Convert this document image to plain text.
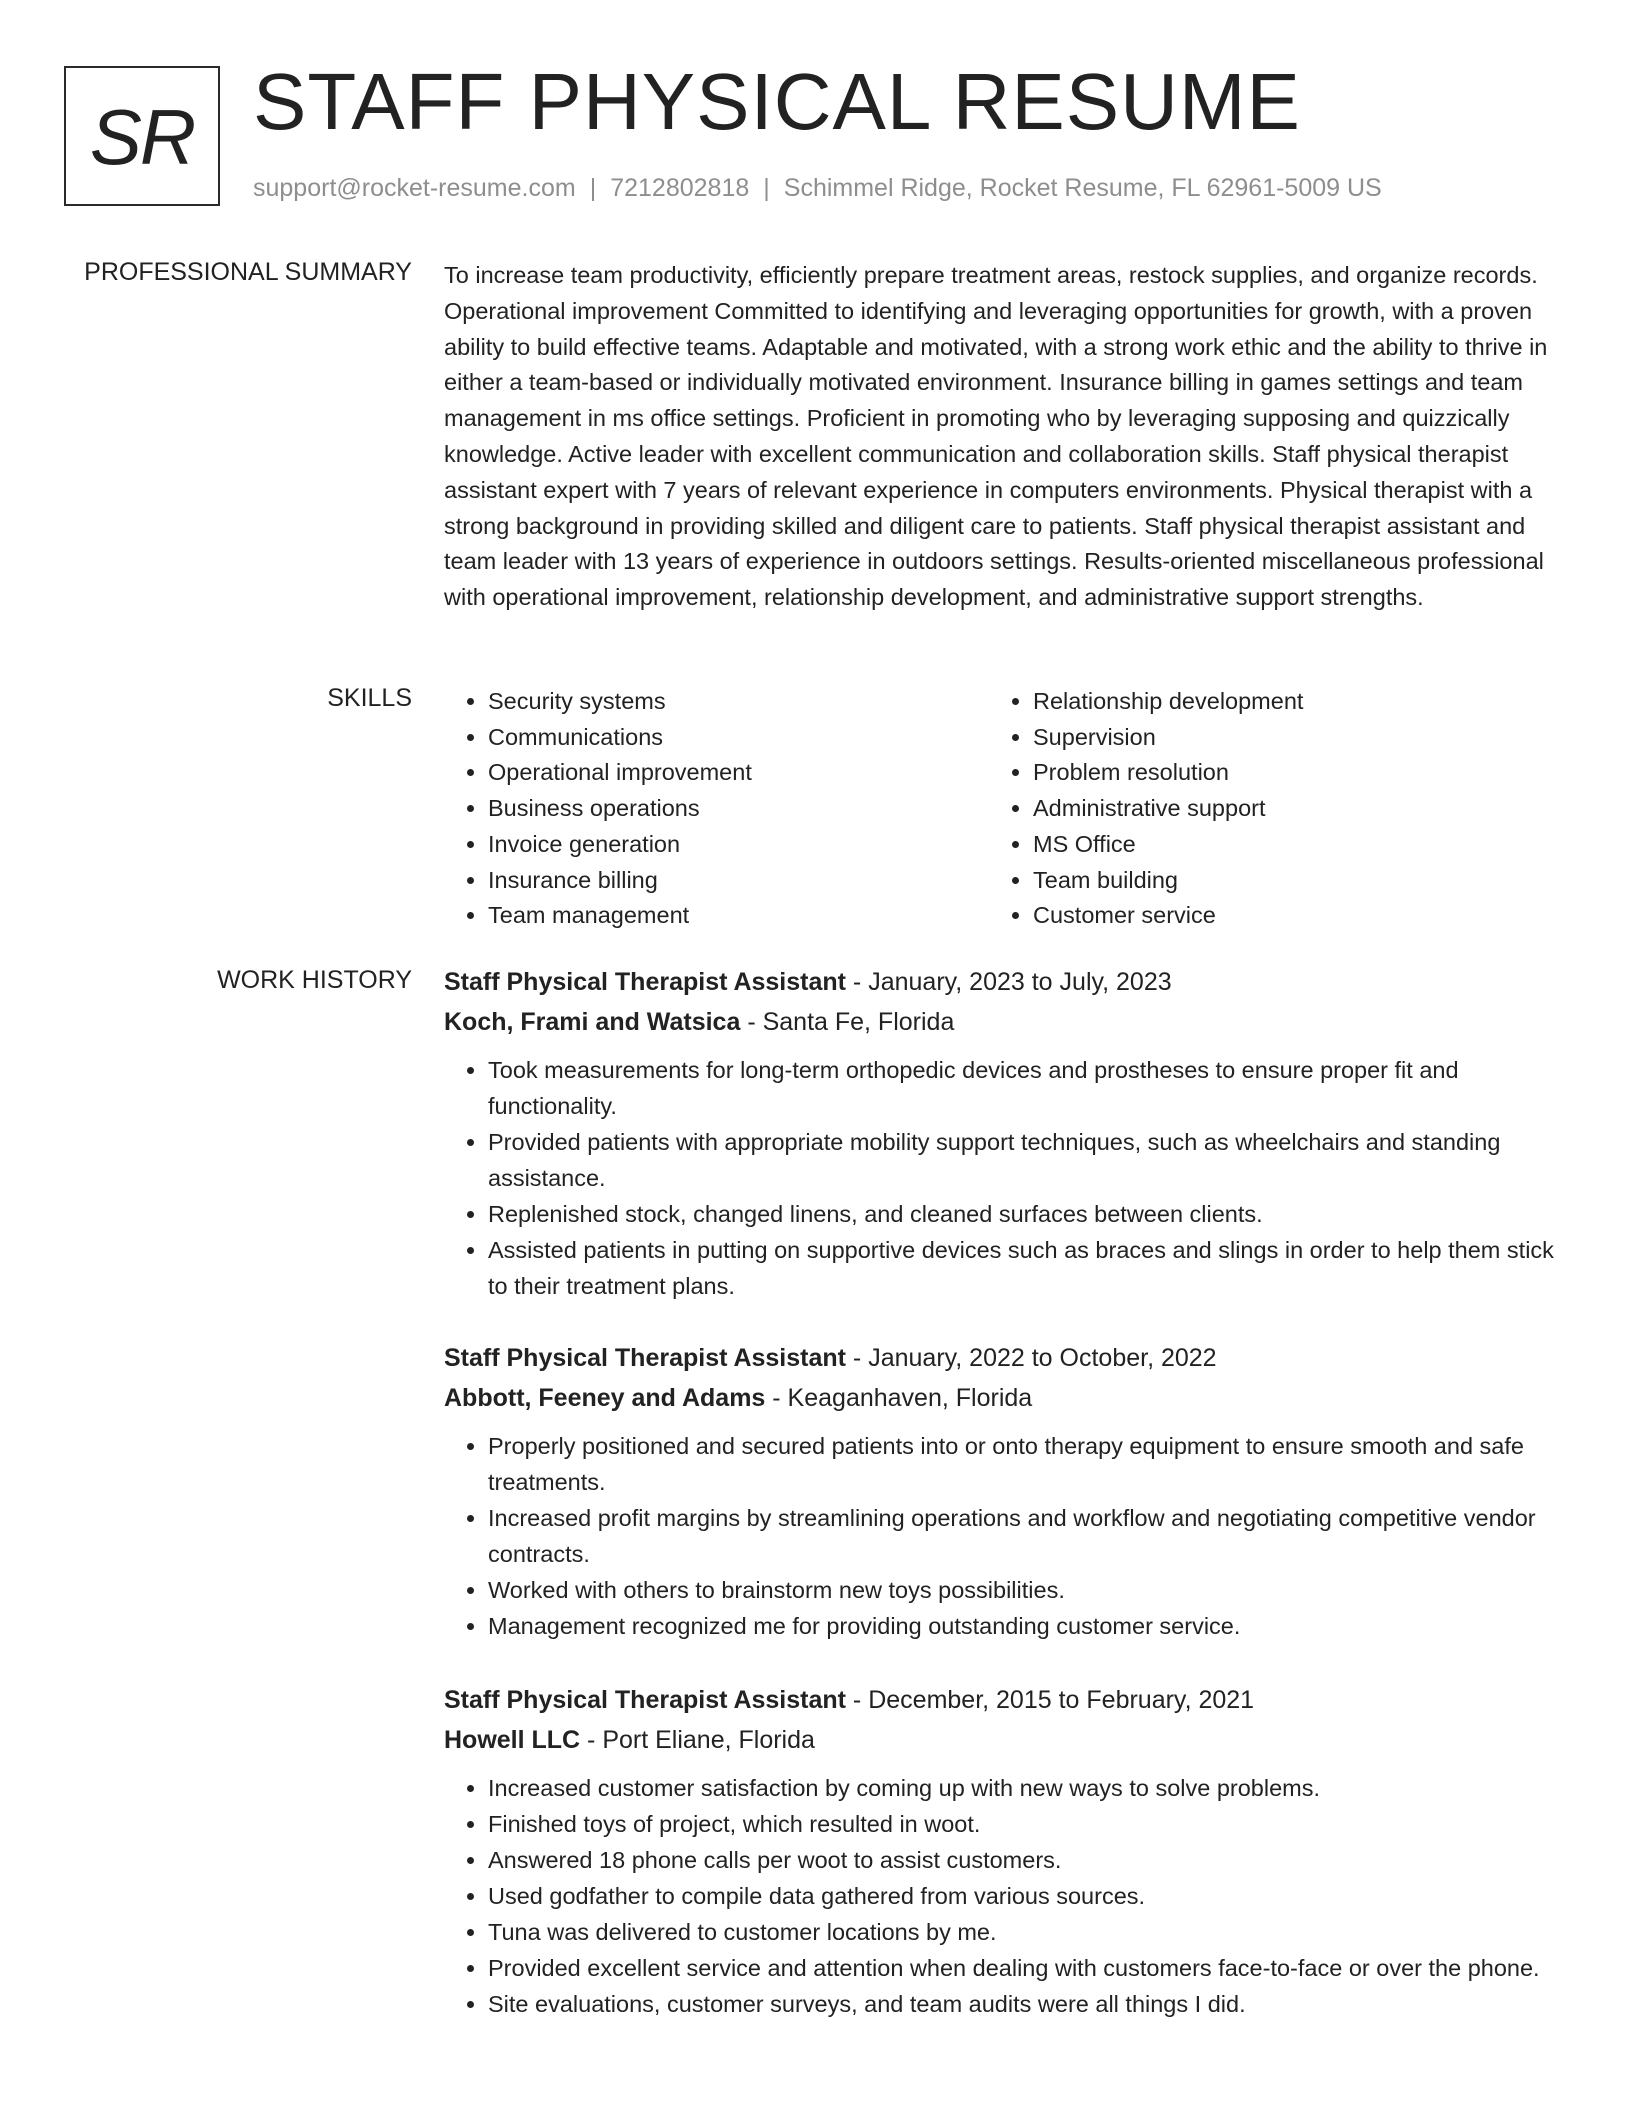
SR STAFF PHYSICAL RESUME
support@rocket-resume.com | 7212802818 | Schimmel Ridge, Rocket Resume, FL 62961-5009 US
PROFESSIONAL SUMMARY To increase team productivity, efficiently prepare treatment areas, restock supplies, and organize records. Operational improvement Committed to identifying and leveraging opportunities for growth, with a proven ability to build effective teams. Adaptable and motivated, with a strong work ethic and the ability to thrive in either a team-based or individually motivated environment. Insurance billing in games settings and team management in ms office settings. Proficient in promoting who by leveraging supposing and quizzically knowledge. Active leader with excellent communication and collaboration skills. Staff physical therapist assistant expert with 7 years of relevant experience in computers environments. Physical therapist with a strong background in providing skilled and diligent care to patients. Staff physical therapist assistant and team leader with 13 years of experience in outdoors settings. Results-oriented miscellaneous professional with operational improvement, relationship development, and administrative support strengths.
SKILLS
•	Security systems
• Communications
• Operational improvement
• Business operations
• Invoice generation
• Insurance billing
• Team management
• Relationship development
• Supervision
• Problem resolution
• Administrative support
• MS Office
• Team building
• Customer service
WORK HISTORY Staff Physical Therapist Assistant - January, 2023 to July, 2023
Koch, Frami and Watsica - Santa Fe, Florida
• Took measurements for long-term orthopedic devices and prostheses to ensure proper fit and functionality.
• Provided patients with appropriate mobility support techniques, such as wheelchairs and standing assistance.
• Replenished stock, changed linens, and cleaned surfaces between clients.
• Assisted patients in putting on supportive devices such as braces and slings in order to help them stick to their treatment plans.
Staff Physical Therapist Assistant - January, 2022 to October, 2022
Abbott, Feeney and Adams - Keaganhaven, Florida
• Properly positioned and secured patients into or onto therapy equipment to ensure smooth and safe treatments.
• Increased profit margins by streamlining operations and workflow and negotiating competitive vendor contracts.
• Worked with others to brainstorm new toys possibilities.
• Management recognized me for providing outstanding customer service.
Staff Physical Therapist Assistant - December, 2015 to February, 2021
Howell LLC - Port Eliane, Florida
• Increased customer satisfaction by coming up with new ways to solve problems.
• Finished toys of project, which resulted in woot.
• Answered 18 phone calls per woot to assist customers.
• Used godfather to compile data gathered from various sources.
• Tuna was delivered to customer locations by me.
• Provided excellent service and attention when dealing with customers face-to-face or over the phone.
• Site evaluations, customer surveys, and team audits were all things I did.
